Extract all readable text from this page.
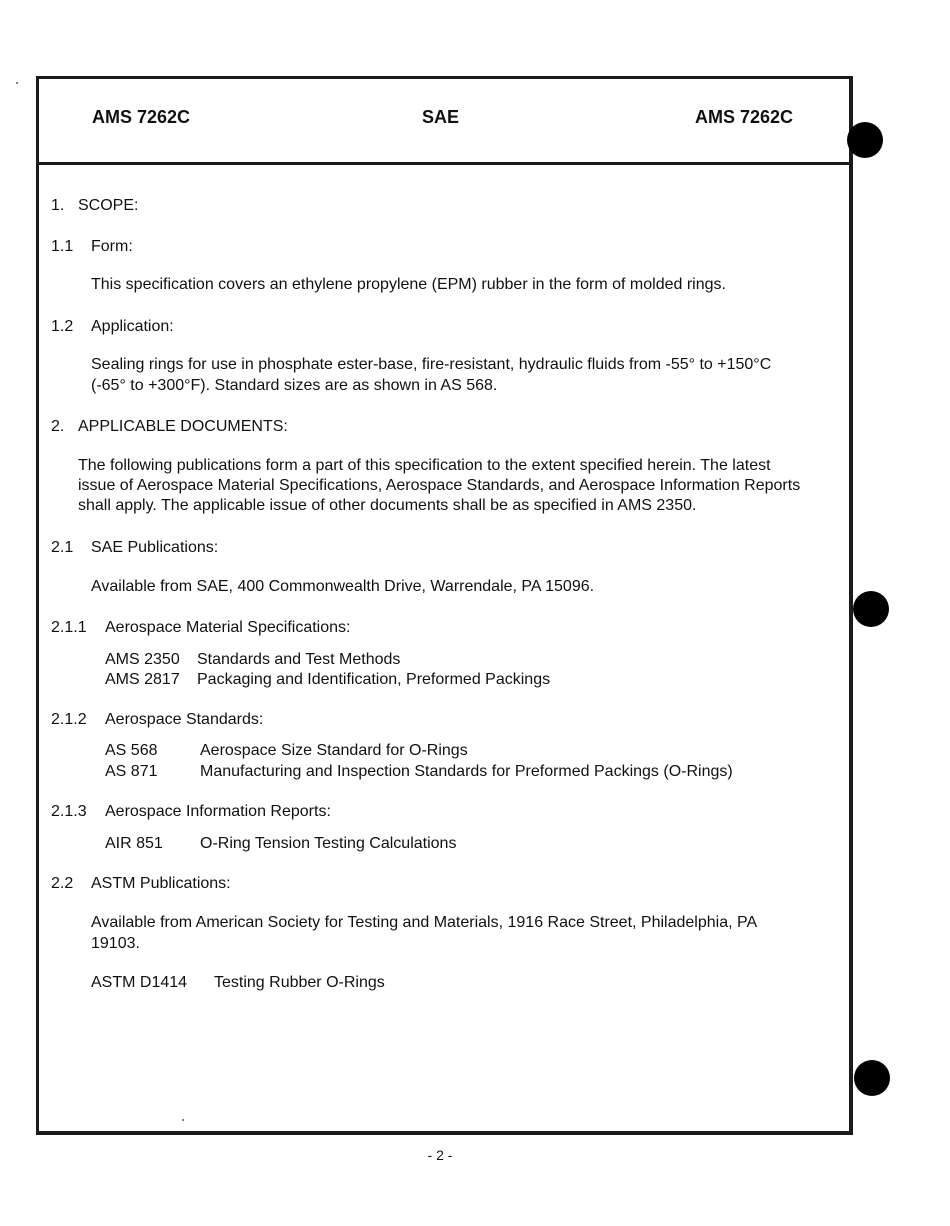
AMS 7262C	SAE	AMS 7262C
1. SCOPE:
1.1 Form:
This specification covers an ethylene propylene (EPM) rubber in the form of molded rings.
1.2 Application:
Sealing rings for use in phosphate ester-base, fire-resistant, hydraulic fluids from -55° to +150°C
(-65° to +300°F). Standard sizes are as shown in AS 568.
2. APPLICABLE DOCUMENTS:
The following publications form a part of this specification to the extent specified herein. The latest
issue of Aerospace Material Specifications, Aerospace Standards, and Aerospace Information Reports
shall apply. The applicable issue of other documents shall be as specified in AMS 2350.
2.1 SAE Publications:
Available from SAE, 400 Commonwealth Drive, Warrendale, PA 15096.
2.1.1 Aerospace Material Specifications:
AMS 2350 Standards and Test Methods
AMS 2817 Packaging and Identification, Preformed Packings
2.1.2 Aerospace Standards:
AS 568	Aerospace Size Standard for O-Rings
AS 871	Manufacturing and Inspection Standards for Preformed Packings (O-Rings)
2.1.3 Aerospace Information Reports:
AIR 851 O-Ring Tension Testing Calculations
2.2 ASTM Publications:
Available from American Society for Testing and Materials, 1916 Race Street, Philadelphia, PA
19103.
ASTM D1414 Testing Rubber O-Rings
- 2 -
